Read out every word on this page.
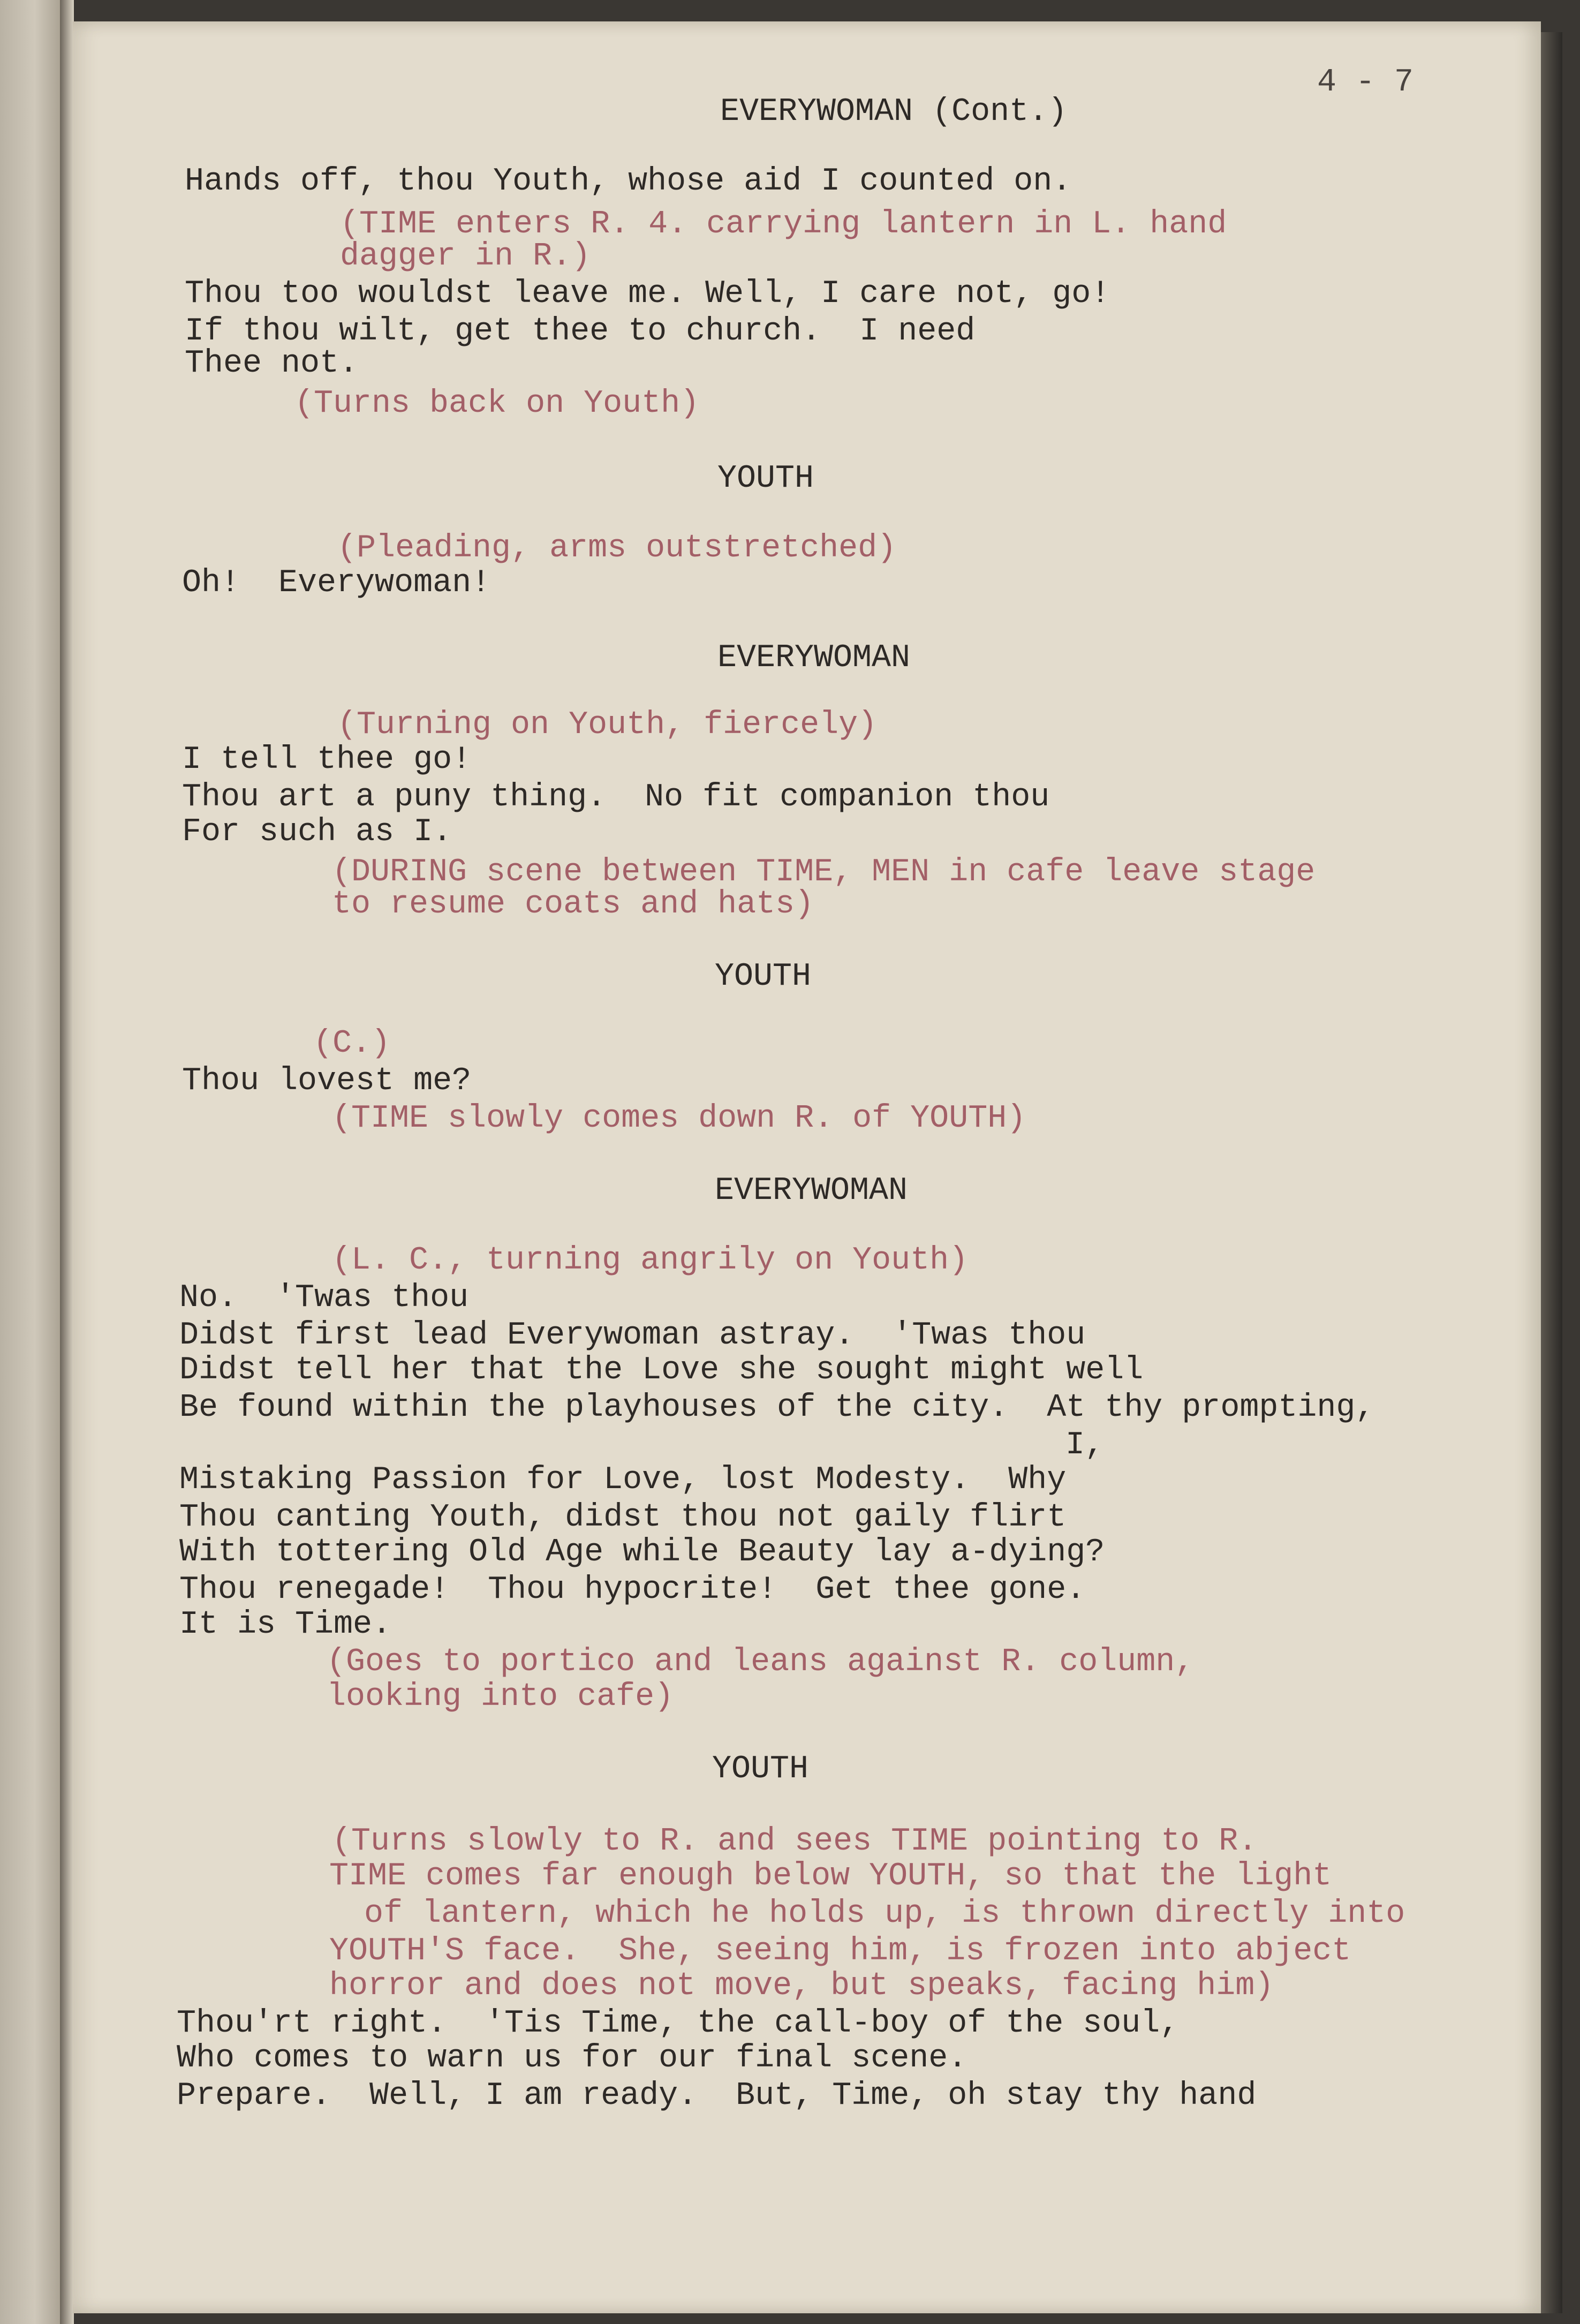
4 - 7
EVERYWOMAN (Cont.)
Hands off, thou Youth, whose aid I counted on.
(TIME enters R. 4. carrying lantern in L. hand
dagger in R.)
Thou too wouldst leave me. Well, I care not, go!
If thou wilt, get thee to church.  I need
Thee not.
(Turns back on Youth)
YOUTH
(Pleading, arms outstretched)
Oh!  Everywoman!
EVERYWOMAN
(Turning on Youth, fiercely)
I tell thee go!
Thou art a puny thing.  No fit companion thou
For such as I.
(DURING scene between TIME, MEN in cafe leave stage
to resume coats and hats)
YOUTH
(C.)
Thou lovest me?
(TIME slowly comes down R. of YOUTH)
EVERYWOMAN
(L. C., turning angrily on Youth)
No.  'Twas thou
Didst first lead Everywoman astray.  'Twas thou
Didst tell her that the Love she sought might well
Be found within the playhouses of the city.  At thy prompting,
I,
Mistaking Passion for Love, lost Modesty.  Why
Thou canting Youth, didst thou not gaily flirt
With tottering Old Age while Beauty lay a-dying?
Thou renegade!  Thou hypocrite!  Get thee gone.
It is Time.
(Goes to portico and leans against R. column,
looking into cafe)
YOUTH
(Turns slowly to R. and sees TIME pointing to R.
TIME comes far enough below YOUTH, so that the light
of lantern, which he holds up, is thrown directly into
YOUTH'S face.  She, seeing him, is frozen into abject
horror and does not move, but speaks, facing him)
Thou'rt right.  'Tis Time, the call-boy of the soul,
Who comes to warn us for our final scene.
Prepare.  Well, I am ready.  But, Time, oh stay thy hand
